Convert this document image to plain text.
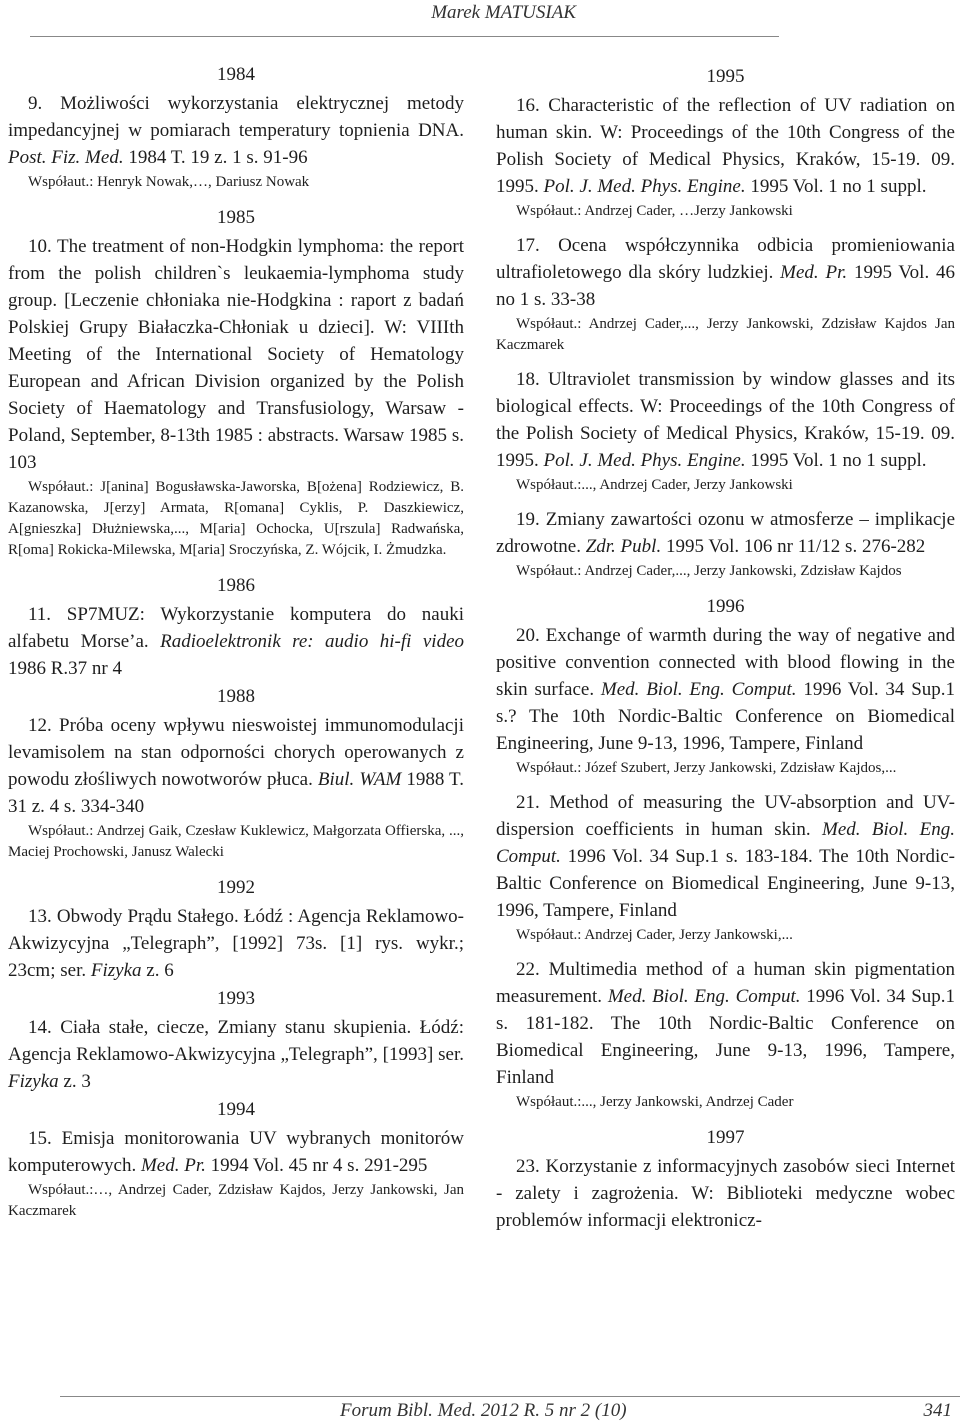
Marek MATUSIAK
1984

9. Możliwości wykorzystania elektrycznej metody impedancyjnej w pomiarach temperatury topnienia DNA. Post. Fiz. Med. 1984 T. 19 z. 1 s. 91-96

Współaut.: Henryk Nowak,…, Dariusz Nowak

1985

10. The treatment of non-Hodgkin lymphoma: the report from the polish children`s leukaemia-lymphoma study group. [Leczenie chłoniaka nie-Hodgkina : raport z badań Polskiej Grupy Białaczka-Chłoniak u dzieci]. W: VIIIth Meeting of the International Society of Hematology European and African Division organized by the Polish Society of Haematology and Transfusiology, Warsaw - Poland, September, 8-13th 1985 : abstracts. Warsaw 1985 s. 103

Współaut.: J[anina] Bogusławska-Jaworska, B[ożena] Rodziewicz, B. Kazanowska, J[erzy] Armata, R[omana] Cyklis, P. Daszkiewicz, A[gnieszka] Dłużniewska,..., M[aria] Ochocka, U[rszula] Radwańska, R[oma] Rokicka-Milewska, M[aria] Sroczyńska, Z. Wójcik, I. Żmudzka.

1986

11. SP7MUZ: Wykorzystanie komputera do nauki alfabetu Morse’a. Radioelektronik re: audio hi-fi video 1986 R.37 nr 4

1988

12. Próba oceny wpływu nieswoistej immunomodulacji levamisolem na stan odporności chorych operowanych z powodu złośliwych nowotworów płuca. Biul. WAM 1988 T. 31 z. 4 s. 334-340

Współaut.: Andrzej Gaik, Czesław Kuklewicz, Małgorzata Offierska, ..., Maciej Prochowski, Janusz Walecki

1992

13. Obwody Prądu Stałego. Łódź : Agencja Reklamowo-Akwizycyjna „Telegraph”, [1992] 73s. [1] rys. wykr.; 23cm; ser. Fizyka z. 6

1993

14. Ciała stałe, ciecze, Zmiany stanu skupienia. Łódź: Agencja Reklamowo-Akwizycyjna „Telegraph”, [1993] ser. Fizyka z. 3

1994

15. Emisja monitorowania UV wybranych monitorów komputerowych. Med. Pr. 1994 Vol. 45 nr 4 s. 291-295

Współaut.:…, Andrzej Cader, Zdzisław Kajdos, Jerzy Jankowski, Jan Kaczmarek

1995

16. Characteristic of the reflection of UV radiation on human skin. W: Proceedings of the 10th Congress of the Polish Society of Medical Physics, Kraków, 15-19. 09. 1995. Pol. J. Med. Phys. Engine. 1995 Vol. 1 no 1 suppl.

Współaut.: Andrzej Cader, …Jerzy Jankowski

17. Ocena współczynnika odbicia promieniowania ultrafioletowego dla skóry ludzkiej. Med. Pr. 1995 Vol. 46 no 1 s. 33-38

Współaut.: Andrzej Cader,..., Jerzy Jankowski, Zdzisław Kajdos Jan Kaczmarek

18. Ultraviolet transmission by window glasses and its biological effects. W: Proceedings of the 10th Congress of the Polish Society of Medical Physics, Kraków, 15-19. 09. 1995. Pol. J. Med. Phys. Engine. 1995 Vol. 1 no 1 suppl.

Współaut.:..., Andrzej Cader, Jerzy Jankowski

19. Zmiany zawartości ozonu w atmosferze – implikacje zdrowotne. Zdr. Publ. 1995 Vol. 106 nr 11/12 s. 276-282

Współaut.: Andrzej Cader,..., Jerzy Jankowski, Zdzisław Kajdos

1996

20. Exchange of warmth during the way of negative and positive convention connected with blood flowing in the skin surface. Med. Biol. Eng. Comput. 1996 Vol. 34 Sup.1 s.? The 10th Nordic-Baltic Conference on Biomedical Engineering, June 9-13, 1996, Tampere, Finland

Współaut.: Józef Szubert, Jerzy Jankowski, Zdzisław Kajdos,...

21. Method of measuring the UV-absorption and UV-dispersion coefficients in human skin. Med. Biol. Eng. Comput. 1996 Vol. 34 Sup.1 s. 183-184. The 10th Nordic-Baltic Conference on Biomedical Engineering, June 9-13, 1996, Tampere, Finland

Współaut.: Andrzej Cader, Jerzy Jankowski,...

22. Multimedia method of a human skin pigmentation measurement. Med. Biol. Eng. Comput. 1996 Vol. 34 Sup.1 s. 181-182. The 10th Nordic-Baltic Conference on Biomedical Engineering, June 9-13, 1996, Tampere, Finland

Współaut.:..., Jerzy Jankowski, Andrzej Cader

1997

23. Korzystanie z informacyjnych zasobów sieci Internet - zalety i zagrożenia. W: Biblioteki medyczne wobec problemów informacji elektronicz-

Forum Bibl. Med. 2012 R. 5 nr 2 (10)	341
